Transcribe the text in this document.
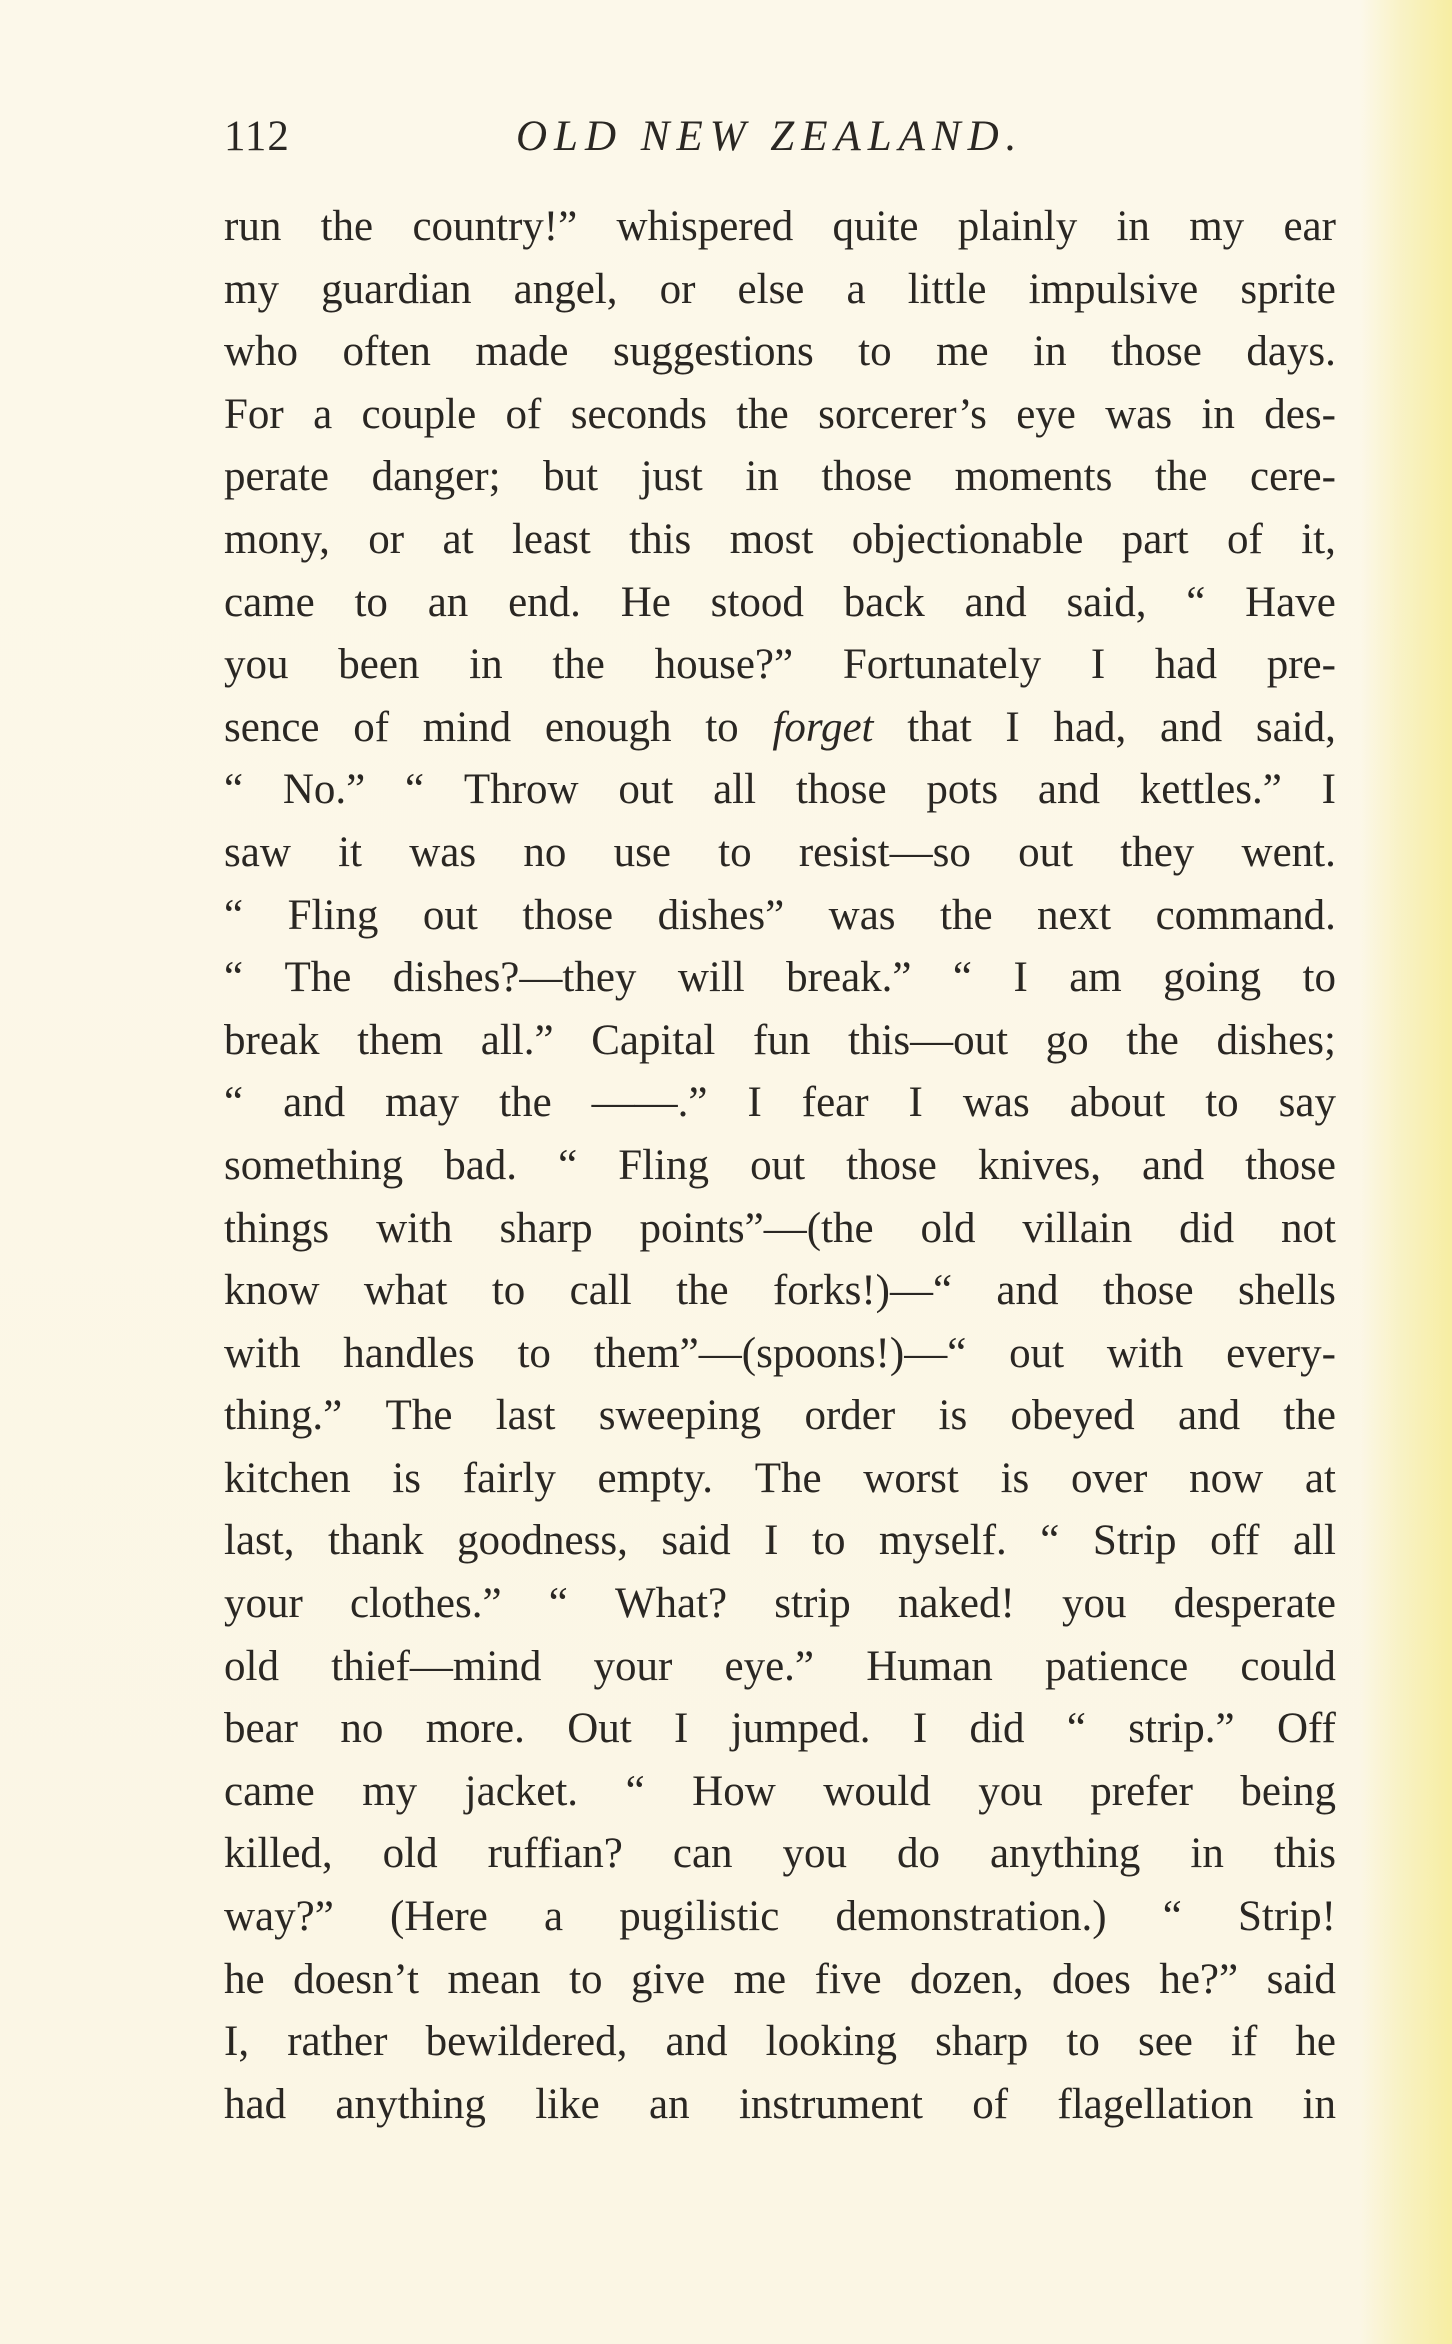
112	OLD NEW ZEALAND.
run the country!” whispered quite plainly in my ear
my guardian angel, or else a little impulsive sprite
who often made suggestions to me in those days.
For a couple of seconds the sorcerer’s eye was in des-
perate danger; but just in those moments the cere-
mony, or at least this most objectionable part of it,
came to an end. He stood back and said, “ Have
you been in the house?” Fortunately I had pre-
sence of mind enough to forget that I had, and said,
“ No.” “ Throw out all those pots and kettles.” I
saw it was no use to resist—so out they went.
“ Fling out those dishes” was the next command.
“ The dishes?—they will break.” “ I am going to
break them all.” Capital fun this—out go the dishes;
“ and may the ——.” I fear I was about to say
something bad. “ Fling out those knives, and those
things with sharp points”—(the old villain did not
know what to call the forks!)—“ and those shells
with handles to them”—(spoons!)—“ out with every-
thing.” The last sweeping order is obeyed and the
kitchen is fairly empty. The worst is over now at
last, thank goodness, said I to myself. “ Strip off all
your clothes.” “ What? strip naked! you desperate
old thief—mind your eye.” Human patience could
bear no more. Out I jumped. I did “ strip.” Off
came my jacket. “ How would you prefer being
killed, old ruffian? can you do anything in this
way?” (Here a pugilistic demonstration.) “ Strip!
he doesn’t mean to give me five dozen, does he?” said
I, rather bewildered, and looking sharp to see if he
had anything like an instrument of flagellation in
